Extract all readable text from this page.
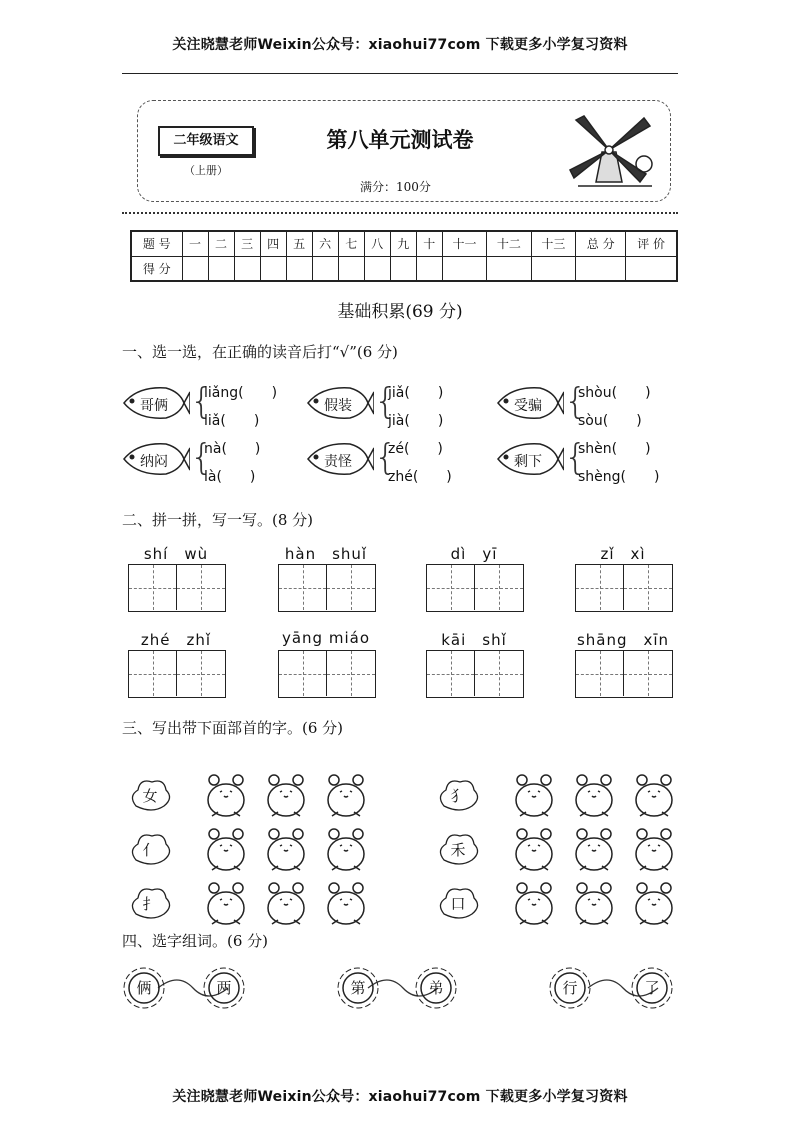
关注晓慧老师Weixin公众号：xiaohui77com 下载更多小学复习资料
二年级语文
（上册）
第八单元测试卷
满分：100分
题 号	一	二	三	四	五	六	七	八	九	十	十一	十二	十三	总 分	评 价
得 分															
基础积累(69 分)
一、选一选，在正确的读音后打“√”(6 分)
哥俩 {
liǎng(　　)
liǎ(　　)
假装 {
jiǎ(　　)
jià(　　)
受骗 {
shòu(　　)
sòu(　　)
纳闷 {
nà(　　)
là(　　)
责怪 {
zé(　　)
zhé(　　)
剩下 {
shèn(　　)
shèng(　　)
二、拼一拼，写一写。(8 分)
shí　wù	hàn　shuǐ	dì　yī	zǐ　xì
zhé　zhǐ	yāng miáo	kāi　shǐ	shāng　xīn
三、写出带下面部首的字。(6 分)
女
亻
扌
犭
禾
口
四、选字组词。(6 分)
俩	两	第	弟	行	了
关注晓慧老师Weixin公众号：xiaohui77com 下载更多小学复习资料
